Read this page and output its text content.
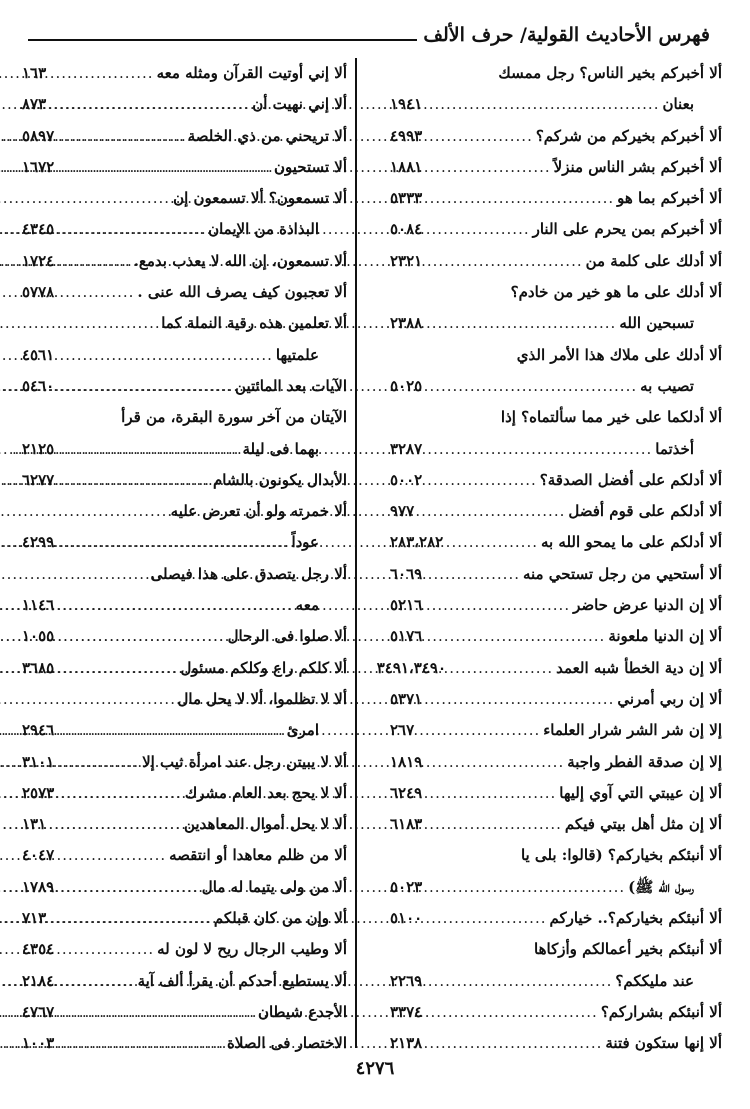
فهرس الأحاديث القولية/ حرف الألف
ألا أخبركم بخير الناس؟ رجل ممسك
بعنان
.....
١٩٤١
ألا أخبركم بخيركم من شركم؟
.....
٤٩٩٣
ألا أخبركم بشر الناس منزلاً
.....
١٨٨١
ألا أخبركم بما هو
.....
٥٣٣٣
ألا أخبركم بمن يحرم على النار
.....
٥٠٨٤
ألا أدلك على كلمة من
.....
٢٣٢١
ألا أدلك على ما هو خير من خادم؟
تسبحين الله
.....
٢٣٨٨
ألا أدلك على ملاك هذا الأمر الذي
تصيب به
.....
٥٠٢٥
ألا أدلكما على خير مما سألتماه؟ إذا
أخذتما
.....
٣٢٨٧
ألا أدلكم على أفضل الصدقة؟
.....
٥٠٠٢
ألا أدلكم على قوم أفضل
.....
٩٧٧
ألا أدلكم على ما يمحو الله به
.....
٢٨٣،٢٨٢
ألا أستحيي من رجل تستحي منه
.....
٦٠٦٩
ألا إن الدنيا عرض حاضر
.....
٥٢١٦
ألا إن الدنيا ملعونة
.....
٥١٧٦
ألا إن دية الخطأ شبه العمد
.....
٣٤٩١،٣٤٩٠
ألا إن ربي أمرني
.....
٥٣٧١
إلا إن شر الشر شرار العلماء
.....
٢٦٧
إلا إن صدقة الفطر واجبة
.....
١٨١٩
ألا إن عيبتي التي آوي إليها
.....
٦٢٤٩
ألا إن مثل أهل بيتي فيكم
.....
٦١٨٣
ألا أنبئكم بخياركم؟ (قالوا: بلى يا
رسول الله ﷺ)
.....
٥٠٢٣
ألا أنبئكم بخياركم؟.. خياركم
.....
٥١٠٠
ألا أنبئكم بخير أعمالكم وأزكاها
عند مليككم؟
.....
٢٢٦٩
ألا أنبئكم بشراركم؟
.....
٣٣٧٤
ألا إنها ستكون فتنة
.....
٢١٣٨
ألا إني أوتيت القرآن ومثله معه
.....
١٦٣
ألا إني نهيت أن
.....
٨٧٣
ألا تريحني من ذي الخلصة
.....
٥٨٩٧
ألا تستحيون
.....
١٦٧٢
ألا تسمعون؟ ألا تسمعون إن
البذاذة من الإيمان
.....
٤٣٤٥
ألا تسمعون، إن الله لا يعذب بدمع.
.....
١٧٢٤
ألا تعجبون كيف يصرف الله عنى .
.....
٥٧٧٨
ألا تعلمين هذه رقية النملة كما
علمتيها
.....
٤٥٦١
الآيات بعد المائتين
.....
٥٤٦٠
الآيتان من آخر سورة البقرة، من قرأ
بهما فى ليلة
.....
٢١٢٥
الأبدال يكونون بالشام
.....
٦٢٧٧
ألا خمرته ولو أن تعرض عليه
عوداً
.....
٤٢٩٩
ألا رجل يتصدق على هذا فيصلى
معه
.....
١١٤٦
ألا صلوا فى الرحال
.....
١٠٥٥
ألا كلكم راع وكلكم مسئول
.....
٣٦٨٥
ألا لا تظلموا، ألا لا يحل مال
امرئ
.....
٢٩٤٦
ألا لا يبيتن رجل عند امرأة ثيب إلا
.....
٣١٠١
ألا لا يحج بعد العام مشرك
.....
٢٥٧٣
ألا لا يحل أموال المعاهدين
.....
١٣١
ألا من ظلم معاهدا أو انتقصه
.....
٤٠٤٧
ألا من ولى يتيما له مال
.....
١٧٨٩
ألا وإن من كان قبلكم
.....
٧١٣
ألا وطيب الرجال ريح لا لون له
.....
٤٣٥٤
ألا يستطيع أحدكم أن يقرأ ألف آية
.....
٢١٨٤
الأجدع شيطان
.....
٤٧٦٧
الاختصار فى الصلاة
.....
١٠٠٣
٤٢٧٦
